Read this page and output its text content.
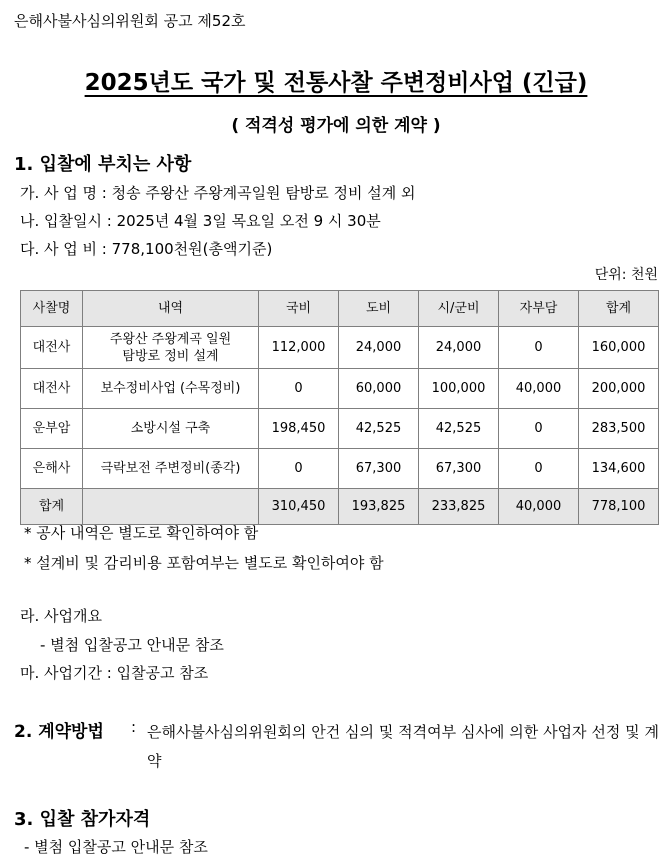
은해사불사심의위원회 공고 제52호
2025년도 국가 및 전통사찰 주변정비사업 (긴급)
( 적격성 평가에 의한 계약 )
1. 입찰에 부치는 사항
가. 사 업 명 : 청송 주왕산 주왕계곡일원 탐방로 정비 설계 외
나. 입찰일시 : 2025년 4월 3일 목요일 오전 9 시 30분
다. 사 업 비 : 778,100천원(총액기준)
단위: 천원
사찰명	내역	국비	도비	시/군비	자부담	합계
대전사	주왕산 주왕계곡 일원
탐방로 정비 설계	112,000	24,000	24,000	0	160,000
대전사	보수정비사업 (수목정비)	0	60,000	100,000	40,000	200,000
운부암	소방시설 구축	198,450	42,525	42,525	0	283,500
은해사	극락보전 주변정비(종각)	0	67,300	67,300	0	134,600
합계		310,450	193,825	233,825	40,000	778,100
* 공사 내역은 별도로 확인하여야 함
* 설계비 및 감리비용 포함여부는 별도로 확인하여야 함
라. 사업개요
- 별첨 입찰공고 안내문 참조
마. 사업기간 : 입찰공고 참조
2. 계약방법 : 은해사불사심의위원회의 안건 심의 및 적격여부 심사에 의한 사업자 선정 및 계약
3. 입찰 참가자격
- 별첨 입찰공고 안내문 참조
